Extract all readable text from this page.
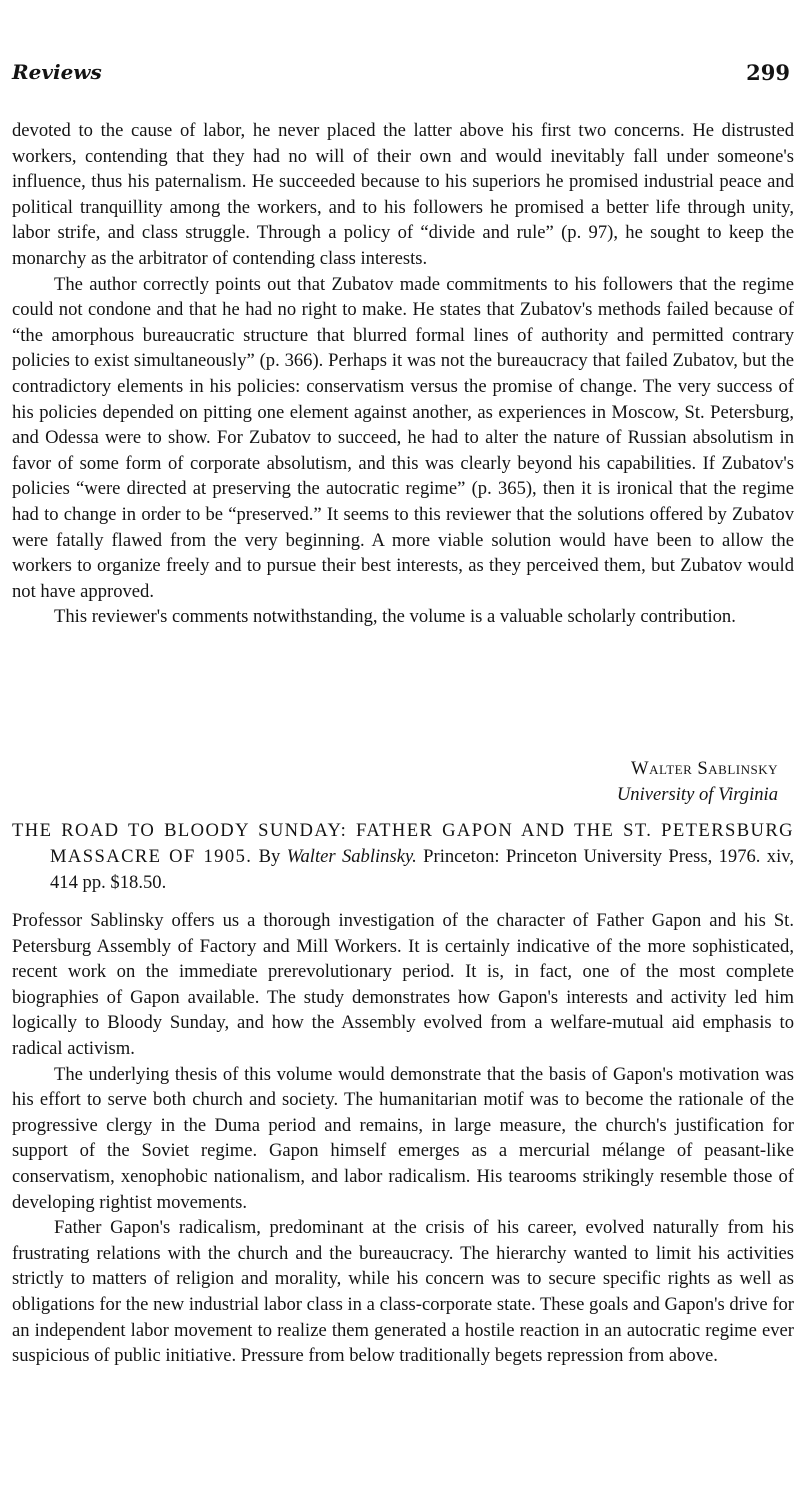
Reviews	299

devoted to the cause of labor, he never placed the latter above his first two concerns. He distrusted workers, contending that they had no will of their own and would inevitably fall under someone's influence, thus his paternalism. He succeeded because to his superiors he promised industrial peace and political tranquillity among the workers, and to his followers he promised a better life through unity, labor strife, and class struggle. Through a policy of “divide and rule” (p. 97), he sought to keep the monarchy as the arbitrator of contending class interests.

The author correctly points out that Zubatov made commitments to his followers that the regime could not condone and that he had no right to make. He states that Zubatov's methods failed because of “the amorphous bureaucratic structure that blurred formal lines of authority and permitted contrary policies to exist simultaneously” (p. 366). Perhaps it was not the bureaucracy that failed Zubatov, but the contradictory elements in his policies: conservatism versus the promise of change. The very success of his policies depended on pitting one element against another, as experiences in Moscow, St. Petersburg, and Odessa were to show. For Zubatov to succeed, he had to alter the nature of Russian absolutism in favor of some form of corporate absolutism, and this was clearly beyond his capabilities. If Zubatov's policies “were directed at preserving the autocratic regime” (p. 365), then it is ironical that the regime had to change in order to be “preserved.” It seems to this reviewer that the solutions offered by Zubatov were fatally flawed from the very beginning. A more viable solution would have been to allow the workers to organize freely and to pursue their best interests, as they perceived them, but Zubatov would not have approved.

This reviewer's comments notwithstanding, the volume is a valuable scholarly contribution.

Walter Sablinsky
University of Virginia
THE ROAD TO BLOODY SUNDAY: FATHER GAPON AND THE ST. PETERSBURG MASSACRE OF 1905. By Walter Sablinsky. Princeton: Princeton University Press, 1976. xiv, 414 pp. $18.50.

Professor Sablinsky offers us a thorough investigation of the character of Father Gapon and his St. Petersburg Assembly of Factory and Mill Workers. It is certainly indicative of the more sophisticated, recent work on the immediate prerevolutionary period. It is, in fact, one of the most complete biographies of Gapon available. The study demonstrates how Gapon's interests and activity led him logically to Bloody Sunday, and how the Assembly evolved from a welfare-mutual aid emphasis to radical activism.

The underlying thesis of this volume would demonstrate that the basis of Gapon's motivation was his effort to serve both church and society. The humanitarian motif was to become the rationale of the progressive clergy in the Duma period and remains, in large measure, the church's justification for support of the Soviet regime. Gapon himself emerges as a mercurial mélange of peasant-like conservatism, xenophobic nationalism, and labor radicalism. His tearooms strikingly resemble those of developing rightist movements.

Father Gapon's radicalism, predominant at the crisis of his career, evolved naturally from his frustrating relations with the church and the bureaucracy. The hierarchy wanted to limit his activities strictly to matters of religion and morality, while his concern was to secure specific rights as well as obligations for the new industrial labor class in a class-corporate state. These goals and Gapon's drive for an independent labor movement to realize them generated a hostile reaction in an autocratic regime ever suspicious of public initiative. Pressure from below traditionally begets repression from above.
